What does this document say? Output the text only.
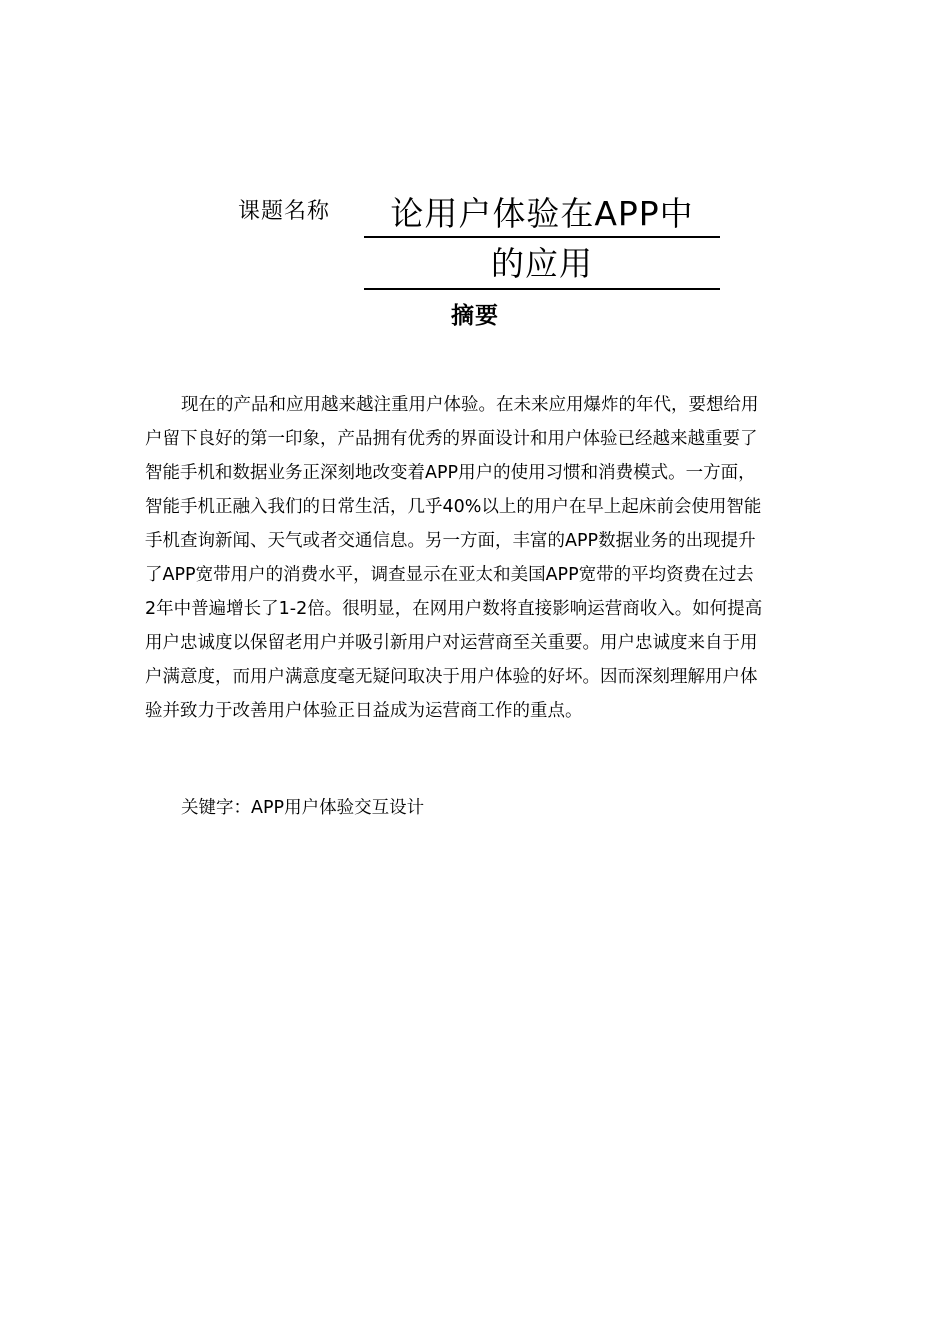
课题名称	论用户体验在APP中
的应用
摘要
现在的产品和应用越来越注重用户体验。在未来应用爆炸的年代，要想给用
户留下良好的第一印象，产品拥有优秀的界面设计和用户体验已经越来越重要了
智能手机和数据业务正深刻地改变着APP用户的使用习惯和消费模式。一方面，
智能手机正融入我们的日常生活，几乎40%以上的用户在早上起床前会使用智能
手机查询新闻、天气或者交通信息。另一方面，丰富的APP数据业务的出现提升
了APP宽带用户的消费水平，调查显示在亚太和美国APP宽带的平均资费在过去
2年中普遍增长了1-2倍。很明显，在网用户数将直接影响运营商收入。如何提高
用户忠诚度以保留老用户并吸引新用户对运营商至关重要。用户忠诚度来自于用
户满意度，而用户满意度毫无疑问取决于用户体验的好坏。因而深刻理解用户体
验并致力于改善用户体验正日益成为运营商工作的重点。
关键字：APP用户体验交互设计
